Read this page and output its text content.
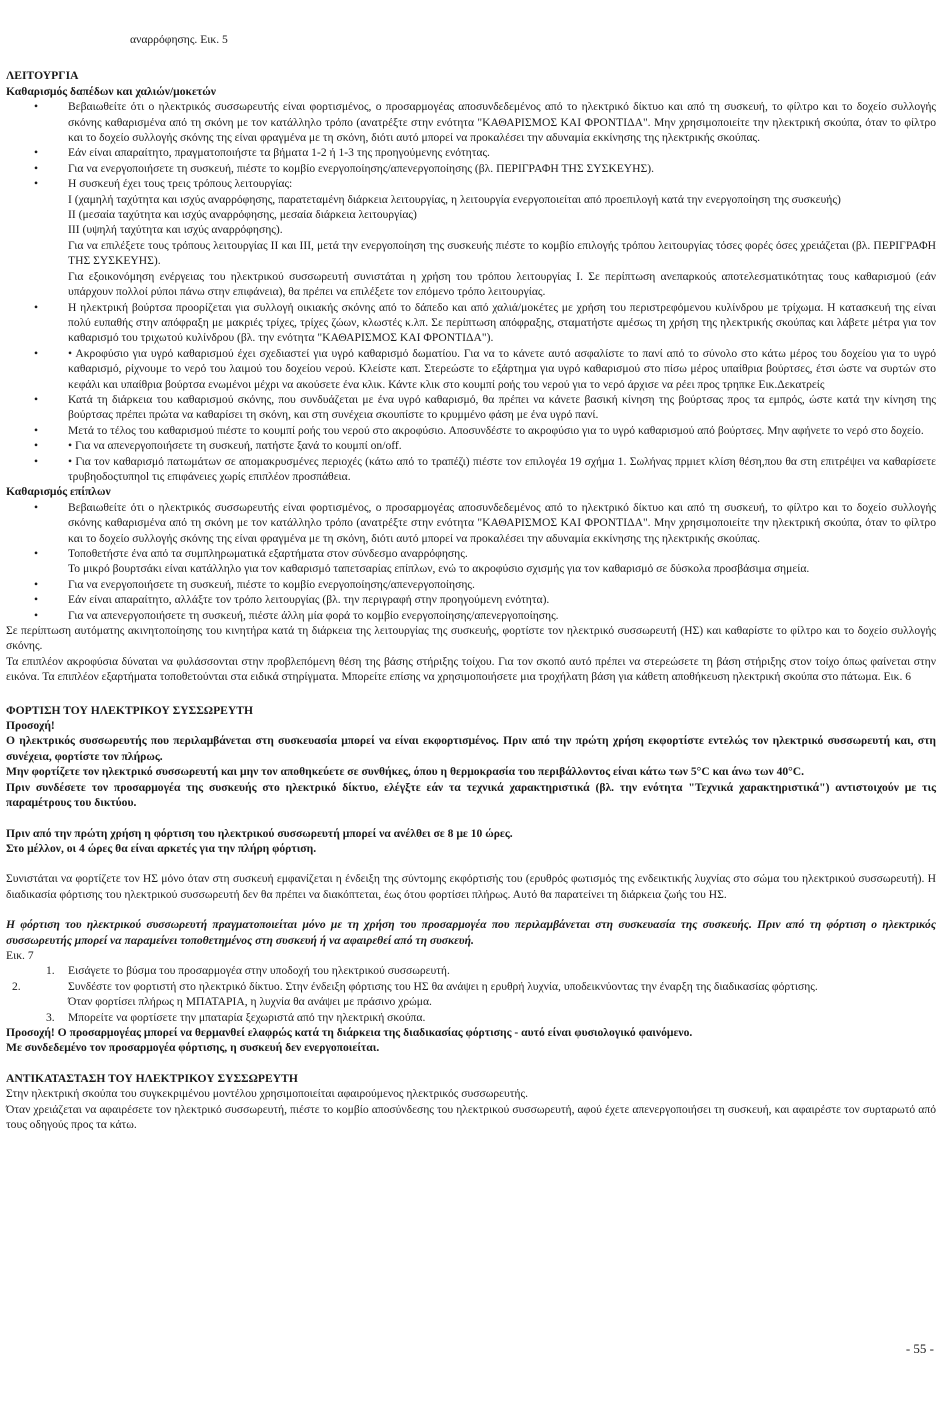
αναρρόφησης. Εικ. 5

ΛΕΙΤΟΥΡΓΙΑ

Καθαρισμός δαπέδων και χαλιών/μοκετών

• Βεβαιωθείτε ότι ο ηλεκτρικός συσσωρευτής είναι φορτισμένος, ο προσαρμογέας αποσυνδεδεμένος από το ηλεκτρικό δίκτυο και από τη συσκευή, το φίλτρο και το δοχείο συλλογής σκόνης καθαρισμένα από τη σκόνη με τον κατάλληλο τρόπο (ανατρέξτε στην ενότητα "ΚΑΘΑΡΙΣΜΟΣ ΚΑΙ ΦΡΟΝΤΙΔΑ". Μην χρησιμοποιείτε την ηλεκτρική σκούπα, όταν το φίλτρο και το δοχείο συλλογής σκόνης της είναι φραγμένα με τη σκόνη, διότι αυτό μπορεί να προκαλέσει την αδυναμία εκκίνησης της ηλεκτρικής σκούπας.

• Εάν είναι απαραίτητο, πραγματοποιήστε τα βήματα 1-2 ή 1-3 της προηγούμενης ενότητας.

• Για να ενεργοποιήσετε τη συσκευή, πιέστε το κομβίο ενεργοποίησης/απενεργοποίησης (βλ. ΠΕΡΙΓΡΑΦΗ ΤΗΣ ΣΥΣΚΕΥΗΣ).

• Η συσκευή έχει τους τρεις τρόπους λειτουργίας:

Ι (χαμηλή ταχύτητα και ισχύς αναρρόφησης, παρατεταμένη διάρκεια λειτουργίας, η λειτουργία ενεργοποιείται από προεπιλογή κατά την ενεργοποίηση της συσκευής)

ΙΙ (μεσαία ταχύτητα και ισχύς αναρρόφησης, μεσαία διάρκεια λειτουργίας)

ΙΙΙ (υψηλή ταχύτητα και ισχύς αναρρόφησης).

Για να επιλέξετε τους τρόπους λειτουργίας ΙΙ και ΙΙΙ, μετά την ενεργοποίηση της συσκευής πιέστε το κομβίο επιλογής τρόπου λειτουργίας τόσες φορές όσες χρειάζεται (βλ. ΠΕΡΙΓΡΑΦΗ ΤΗΣ ΣΥΣΚΕΥΗΣ).

Για εξοικονόμηση ενέργειας του ηλεκτρικού συσσωρευτή συνιστάται η χρήση του τρόπου λειτουργίας Ι. Σε περίπτωση ανεπαρκούς αποτελεσματικότητας τους καθαρισμού (εάν υπάρχουν πολλοί ρύποι πάνω στην επιφάνεια), θα πρέπει να επιλέξετε τον επόμενο τρόπο λειτουργίας.

• Η ηλεκτρική βούρτσα προορίζεται για συλλογή οικιακής σκόνης από το δάπεδο και από χαλιά/μοκέτες με χρήση του περιστρεφόμενου κυλίνδρου με τρίχωμα. Η κατασκευή της είναι πολύ ευπαθής στην απόφραξη με μακριές τρίχες, τρίχες ζώων, κλωστές κ.λπ. Σε περίπτωση απόφραξης, σταματήστε αμέσως τη χρήση της ηλεκτρικής σκούπας και λάβετε μέτρα για τον καθαρισμό του τριχωτού κυλίνδρου (βλ. την ενότητα "ΚΑΘΑΡΙΣΜΟΣ ΚΑΙ ΦΡΟΝΤΙΔΑ").

• • Ακροφύσιο για υγρό καθαρισμού έχει σχεδιαστεί για υγρό καθαρισμό δωματίου. Για να το κάνετε αυτό ασφαλίστε το πανί από το σύνολο στο κάτω μέρος του δοχείου για το υγρό καθαρισμό, ρίχνουμε το νερό του λαιμού του δοχείου νερού. Κλείστε καπ. Στερεώστε το εξάρτημα για υγρό καθαρισμού στο πίσω μέρος υπαίθρια βούρτσες, έτσι ώστε να συρτών στο κεφάλι και υπαίθρια βούρτσα ενωμένοι μέχρι να ακούσετε ένα κλικ. Κάντε κλικ στο κουμπί ροής του νερού για το νερό άρχισε να ρέει προς τρηπκε Εικ.Δεκατρείς

• Κατά τη διάρκεια του καθαρισμού σκόνης, που συνδυάζεται με ένα υγρό καθαρισμό, θα πρέπει να κάνετε βασική κίνηση της βούρτσας προς τα εμπρός, ώστε κατά την κίνηση της βούρτσας πρέπει πρώτα να καθαρίσει τη σκόνη, και στη συνέχεια σκουπίστε το κρυμμένο φάση με ένα υγρό πανί.

• Μετά το τέλος του καθαρισμού πιέστε το κουμπί ροής του νερού στο ακροφύσιο. Αποσυνδέστε το ακροφύσιο για το υγρό καθαρισμού από βούρτσες. Μην αφήνετε το νερό στο δοχείο.

• • Για να απενεργοποιήσετε τη συσκευή, πατήστε ξανά το κουμπί on/off.

• • Για τον καθαρισμό πατωμάτων σε απομακρυσμένες περιοχές (κάτω από το τραπέζι) πιέστε τον επιλογέα 19 σχήμα 1. Σωλήνας πρμιετ κλίση θέση,που θα στη επιτρέψει να καθαρίσετε τρυβηοδοςτυπηοl τις επιφάνειες χωρίς επιπλέον προσπάθεια.

Καθαρισμός επίπλων

• Βεβαιωθείτε ότι ο ηλεκτρικός συσσωρευτής είναι φορτισμένος, ο προσαρμογέας αποσυνδεδεμένος από το ηλεκτρικό δίκτυο και από τη συσκευή, το φίλτρο και το δοχείο συλλογής σκόνης καθαρισμένα από τη σκόνη με τον κατάλληλο τρόπο (ανατρέξτε στην ενότητα "ΚΑΘΑΡΙΣΜΟΣ ΚΑΙ ΦΡΟΝΤΙΔΑ". Μην χρησιμοποιείτε την ηλεκτρική σκούπα, όταν το φίλτρο και το δοχείο συλλογής σκόνης της είναι φραγμένα με τη σκόνη, διότι αυτό μπορεί να προκαλέσει την αδυναμία εκκίνησης της ηλεκτρικής σκούπας.

• Τοποθετήστε ένα από τα συμπληρωματικά εξαρτήματα στον σύνδεσμο αναρρόφησης.

Το μικρό βουρτσάκι είναι κατάλληλο για τον καθαρισμό ταπετσαρίας επίπλων, ενώ το ακροφύσιο σχισμής για τον καθαρισμό σε δύσκολα προσβάσιμα σημεία.

• Για να ενεργοποιήσετε τη συσκευή, πιέστε το κομβίο ενεργοποίησης/απενεργοποίησης.

• Εάν είναι απαραίτητο, αλλάξτε τον τρόπο λειτουργίας (βλ. την περιγραφή στην προηγούμενη ενότητα).

• Για να απενεργοποιήσετε τη συσκευή, πιέστε άλλη μία φορά το κομβίο ενεργοποίησης/απενεργοποίησης.

Σε περίπτωση αυτόματης ακινητοποίησης του κινητήρα κατά τη διάρκεια της λειτουργίας της συσκευής, φορτίστε τον ηλεκτρικό συσσωρευτή (ΗΣ) και καθαρίστε το φίλτρο και το δοχείο συλλογής σκόνης.

Τα επιπλέον ακροφύσια δύναται να φυλάσσονται στην προβλεπόμενη θέση της βάσης στήριξης τοίχου. Για τον σκοπό αυτό πρέπει να στερεώσετε τη βάση στήριξης στον τοίχο όπως φαίνεται στην εικόνα. Τα επιπλέον εξαρτήματα τοποθετούνται στα ειδικά στηρίγματα. Μπορείτε επίσης να χρησιμοποιήσετε μια τροχήλατη βάση για κάθετη αποθήκευση ηλεκτρική σκούπα στο πάτωμα. Εικ. 6

ΦΟΡΤΙΣΗ ΤΟΥ ΗΛΕΚΤΡΙΚΟΥ ΣΥΣΣΩΡΕΥΤΗ

Προσοχή!

Ο ηλεκτρικός συσσωρευτής που περιλαμβάνεται στη συσκευασία μπορεί να είναι εκφορτισμένος. Πριν από την πρώτη χρήση εκφορτίστε εντελώς τον ηλεκτρικό συσσωρευτή και, στη συνέχεια, φορτίστε τον πλήρως.

Μην φορτίζετε τον ηλεκτρικό συσσωρευτή και μην τον αποθηκεύετε σε συνθήκες, όπου η θερμοκρασία του περιβάλλοντος είναι κάτω των 5°C και άνω των 40°C.

Πριν συνδέσετε τον προσαρμογέα της συσκευής στο ηλεκτρικό δίκτυο, ελέγξτε εάν τα τεχνικά χαρακτηριστικά (βλ. την ενότητα "Τεχνικά χαρακτηριστικά") αντιστοιχούν με τις παραμέτρους του δικτύου.

Πριν από την πρώτη χρήση η φόρτιση του ηλεκτρικού συσσωρευτή μπορεί να ανέλθει σε 8 με 10 ώρες.

Στο μέλλον, οι 4 ώρες θα είναι αρκετές για την πλήρη φόρτιση.

Συνιστάται να φορτίζετε τον ΗΣ μόνο όταν στη συσκευή εμφανίζεται η ένδειξη της σύντομης εκφόρτισής του (ερυθρός φωτισμός της ενδεικτικής λυχνίας στο σώμα του ηλεκτρικού συσσωρευτή). Η διαδικασία φόρτισης του ηλεκτρικού συσσωρευτή δεν θα πρέπει να διακόπτεται, έως ότου φορτίσει πλήρως. Αυτό θα παρατείνει τη διάρκεια ζωής του ΗΣ.

Η φόρτιση του ηλεκτρικού συσσωρευτή πραγματοποιείται μόνο με τη χρήση του προσαρμογέα που περιλαμβάνεται στη συσκευασία της συσκευής. Πριν από τη φόρτιση ο ηλεκτρικός συσσωρευτής μπορεί να παραμείνει τοποθετημένος στη συσκευή ή να αφαιρεθεί από τη συσκευή.

Εικ. 7

1. Εισάγετε το βύσμα του προσαρμογέα στην υποδοχή του ηλεκτρικού συσσωρευτή.

2.	Συνδέστε τον φορτιστή στο ηλεκτρικό δίκτυο. Στην ένδειξη φόρτισης του ΗΣ θα ανάψει η ερυθρή λυχνία, υποδεικνύοντας την έναρξη της διαδικασίας φόρτισης.

Όταν φορτίσει πλήρως η ΜΠΑΤΑΡΙΑ, η λυχνία θα ανάψει με πράσινο χρώμα.

3. Μπορείτε να φορτίσετε την μπαταρία ξεχωριστά από την ηλεκτρική σκούπα.

Προσοχή! Ο προσαρμογέας μπορεί να θερμανθεί ελαφρώς κατά τη διάρκεια της διαδικασίας φόρτισης - αυτό είναι φυσιολογικό φαινόμενο.

Με συνδεδεμένο τον προσαρμογέα φόρτισης, η συσκευή δεν ενεργοποιείται.

ΑΝΤΙΚΑΤΑΣΤΑΣΗ ΤΟΥ ΗΛΕΚΤΡΙΚΟΥ ΣΥΣΣΩΡΕΥΤΗ

Στην ηλεκτρική σκούπα του συγκεκριμένου μοντέλου χρησιμοποιείται αφαιρούμενος ηλεκτρικός συσσωρευτής.

Όταν χρειάζεται να αφαιρέσετε τον ηλεκτρικό συσσωρευτή, πιέστε το κομβίο αποσύνδεσης του ηλεκτρικού συσσωρευτή, αφού έχετε απενεργοποιήσει τη συσκευή, και αφαιρέστε τον συρταρωτό από τους οδηγούς προς τα κάτω.

- 55 -
